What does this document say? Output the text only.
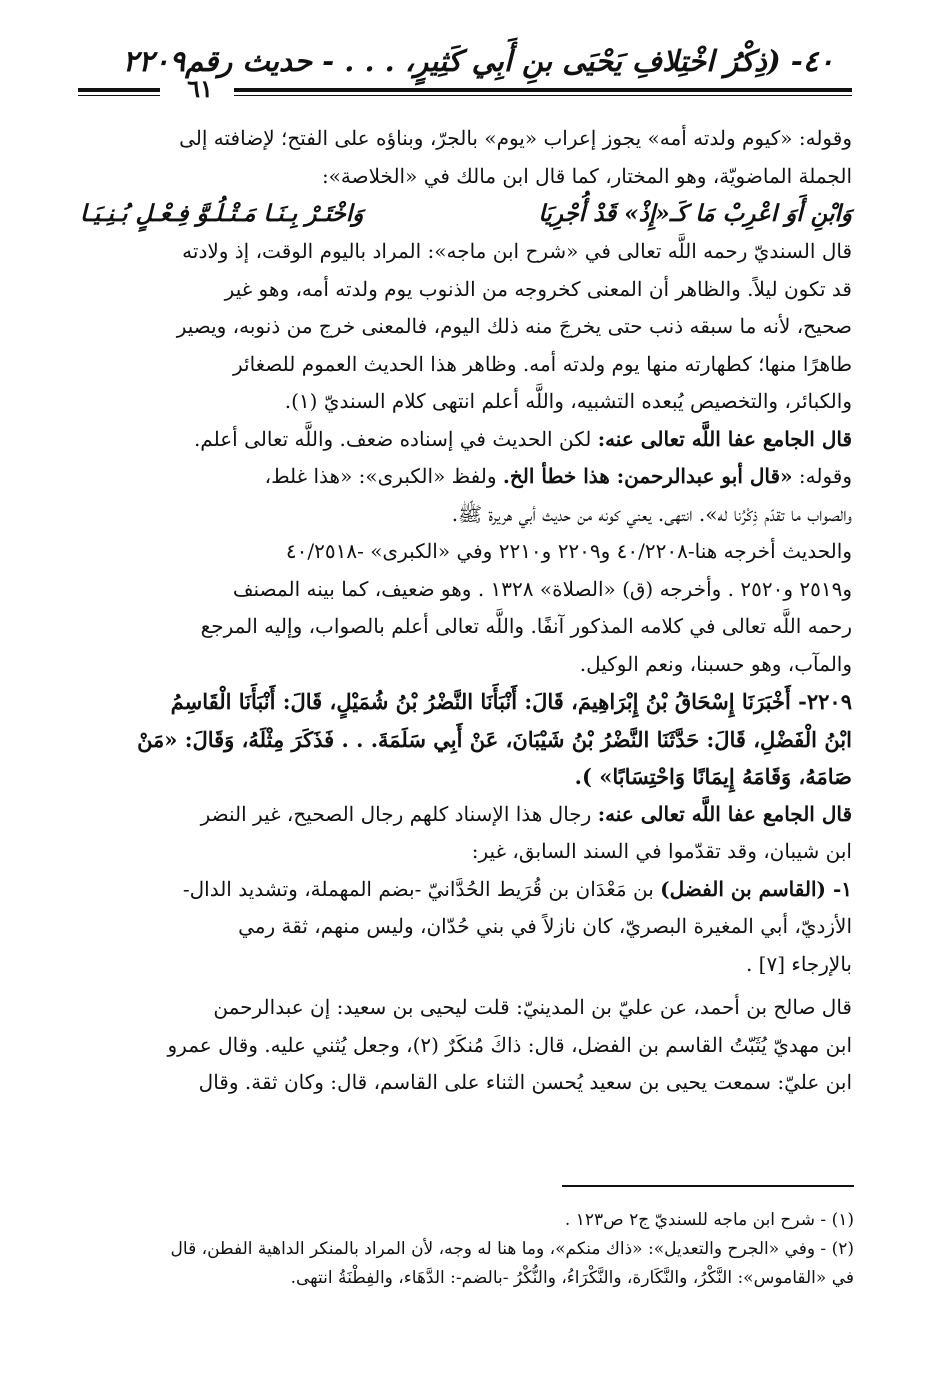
٤٠- (ذِكْرُ اخْتِلافِ يَحْيَى بنِ أَبِي كَثِيرٍ، . . . - حديث رقم٢٢٠٩
٦١
وقوله: «كيوم ولدته أمه» يجوز إعراب «يوم» بالجرّ، وبناؤه على الفتح؛ لإضافته إلى
الجملة الماضويّة، وهو المختار، كما قال ابن مالك في «الخلاصة»:
وَابْنِ أَوَ اعْرِبْ مَا كَـ«إِذْ» قَدْ أُجْرِيَا
وَاخْتَـرْ بِـنَـا مَـتْـلُـوَّ فِـعْـلٍ بُـنِـيَـا
قال السنديّ رحمه اللَّه تعالى في «شرح ابن ماجه»: المراد باليوم الوقت، إذ ولادته
قد تكون ليلاً. والظاهر أن المعنى كخروجه من الذنوب يوم ولدته أمه، وهو غير
صحيح، لأنه ما سبقه ذنب حتى يخرجَ منه ذلك اليوم، فالمعنى خرج من ذنوبه، ويصير
طاهرًا منها؛ كطهارته منها يوم ولدته أمه. وظاهر هذا الحديث العموم للصغائر
والكبائر، والتخصيص يُبعده التشبيه، واللَّه أعلم انتهى كلام السنديّ (١).
قال الجامع عفا اللَّه تعالى عنه: لكن الحديث في إسناده ضعف. واللَّه تعالى أعلم.
وقوله: «قال أبو عبدالرحمن: هذا خطأ الخ. ولفظ «الكبرى»: «هذا غلط،
والصواب ما تقدّم ذِكْرُنا له». انتهى. يعني كونه من حديث أبي هريرة ﷺ.
والحديث أخرجه هنا-٤٠/٢٢٠٨ و٢٢٠٩ و٢٢١٠ وفي «الكبرى» -٤٠/٢٥١٨
و٢٥١٩ و٢٥٢٠ . وأخرجه (ق) «الصلاة» ١٣٢٨ . وهو ضعيف، كما بينه المصنف
رحمه اللَّه تعالى في كلامه المذكور آنفًا. واللَّه تعالى أعلم بالصواب، وإليه المرجع
والمآب، وهو حسبنا، ونعم الوكيل.
٢٢٠٩- أَخْبَرَنَا إِسْحَاقُ بْنُ إِبْرَاهِيمَ، قَالَ: أَنْبَأَنَا النَّضْرُ بْنُ شُمَيْلٍ، قَالَ: أَنْبَأَنَا الْقَاسِمُ
ابْنُ الْفَضْلِ، قَالَ: حَدَّثَنَا النَّضْرُ بْنُ شَيْبَانَ، عَنْ أَبِي سَلَمَةَ. . . فَذَكَرَ مِثْلَهُ، وَقَالَ: «مَنْ
صَامَهُ، وَقَامَهُ إِيمَانًا وَاحْتِسَابًا» ).
قال الجامع عفا اللَّه تعالى عنه: رجال هذا الإسناد كلهم رجال الصحيح، غير النضر
ابن شيبان، وقد تقدّموا في السند السابق، غير:
١- (القاسم بن الفضل) بن مَعْدَان بن قُرَيط الحُدَّانيّ -بضم المهملة، وتشديد الدال-
الأزديّ، أبي المغيرة البصريّ، كان نازلاً في بني حُدّان، وليس منهم، ثقة رمي
بالإرجاء [٧] .
قال صالح بن أحمد، عن عليّ بن المدينيّ: قلت ليحيى بن سعيد: إن عبدالرحمن
ابن مهديّ يُثَبّتُ القاسم بن الفضل، قال: ذاكَ مُنكَرٌ (٢)، وجعل يُثني عليه. وقال عمرو
ابن عليّ: سمعت يحيى بن سعيد يُحسن الثناء على القاسم، قال: وكان ثقة. وقال
(١) - شرح ابن ماجه للسنديّ ج٢ ص١٢٣ .
(٢) - وفي «الجرح والتعديل»: «ذاك منكم»، وما هنا له وجه، لأن المراد بالمنكر الداهية الفطن، قال
في «القاموس»: النَّكْرُ، والنَّكَارة، والنَّكْرَاءُ، والنُّكْرُ -بالضم-: الدَّهَاء، والفِطْنَةُ انتهى.
